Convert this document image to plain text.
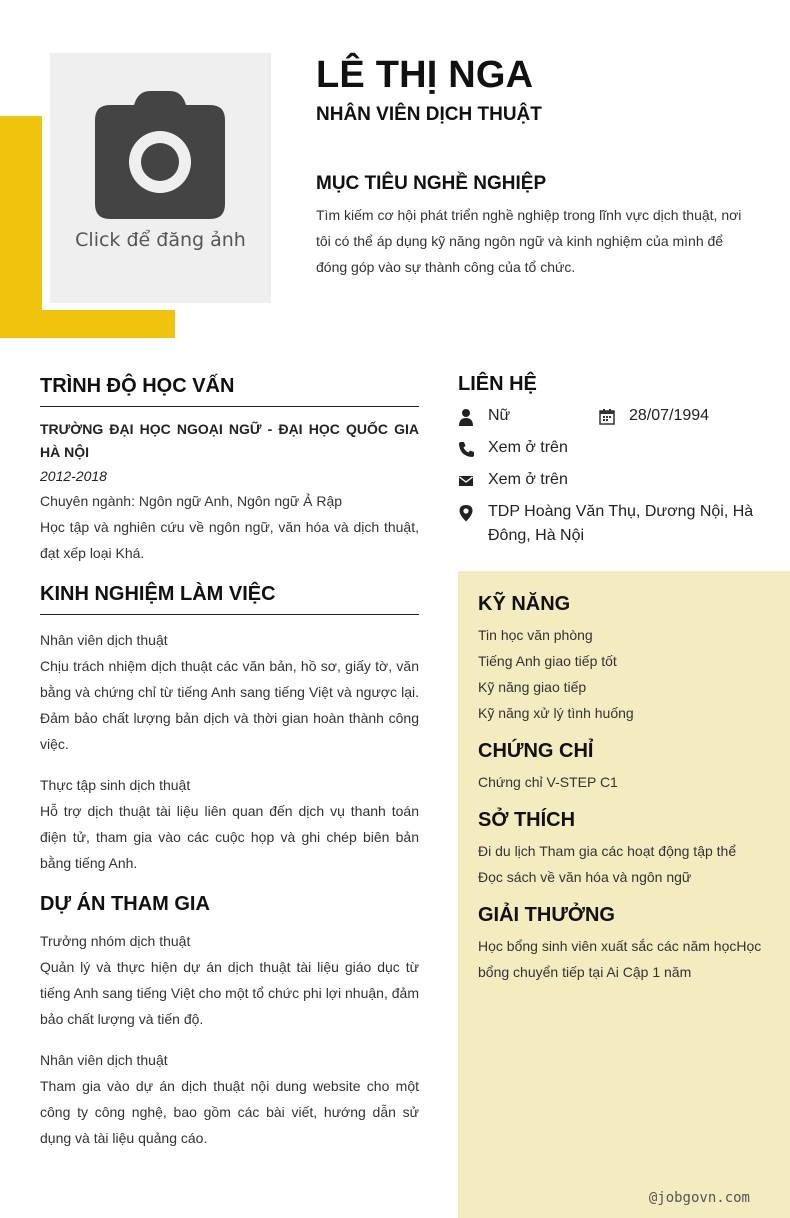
Click để đăng ảnh
LÊ THỊ NGA
NHÂN VIÊN DỊCH THUẬT
MỤC TIÊU NGHỀ NGHIỆP
Tìm kiếm cơ hội phát triển nghề nghiệp trong lĩnh vực dịch thuật, nơi tôi có thể áp dụng kỹ năng ngôn ngữ và kinh nghiệm của mình để đóng góp vào sự thành công của tổ chức.
TRÌNH ĐỘ HỌC VẤN
TRƯỜNG ĐẠI HỌC NGOẠI NGỮ - ĐẠI HỌC QUỐC GIA HÀ NỘI
2012-2018
Chuyên ngành: Ngôn ngữ Anh, Ngôn ngữ Ả Rập
Học tập và nghiên cứu về ngôn ngữ, văn hóa và dịch thuật, đạt xếp loại Khá.
KINH NGHIỆM LÀM VIỆC
Nhân viên dịch thuật
Chịu trách nhiệm dịch thuật các văn bản, hồ sơ, giấy tờ, văn bằng và chứng chỉ từ tiếng Anh sang tiếng Việt và ngược lại. Đảm bảo chất lượng bản dịch và thời gian hoàn thành công việc.
Thực tập sinh dịch thuật
Hỗ trợ dịch thuật tài liệu liên quan đến dịch vụ thanh toán điện tử, tham gia vào các cuộc họp và ghi chép biên bản bằng tiếng Anh.
DỰ ÁN THAM GIA
Trưởng nhóm dịch thuật
Quản lý và thực hiện dự án dịch thuật tài liệu giáo dục từ tiếng Anh sang tiếng Việt cho một tổ chức phi lợi nhuận, đảm bảo chất lượng và tiến độ.
Nhân viên dịch thuật
Tham gia vào dự án dịch thuật nội dung website cho một công ty công nghệ, bao gồm các bài viết, hướng dẫn sử dụng và tài liệu quảng cáo.
LIÊN HỆ
Nữ	28/07/1994
Xem ở trên
Xem ở trên
TDP Hoàng Văn Thụ, Dương Nội, Hà Đông, Hà Nội
KỸ NĂNG
Tin học văn phòng
Tiếng Anh giao tiếp tốt
Kỹ năng giao tiếp
Kỹ năng xử lý tình huống
CHỨNG CHỈ
Chứng chỉ V-STEP C1
SỞ THÍCH
Đi du lịch Tham gia các hoạt động tập thể
Đọc sách về văn hóa và ngôn ngữ
GIẢI THƯỞNG
Học bổng sinh viên xuất sắc các năm họcHọc bổng chuyển tiếp tại Ai Cập 1 năm
@jobgovn.com
